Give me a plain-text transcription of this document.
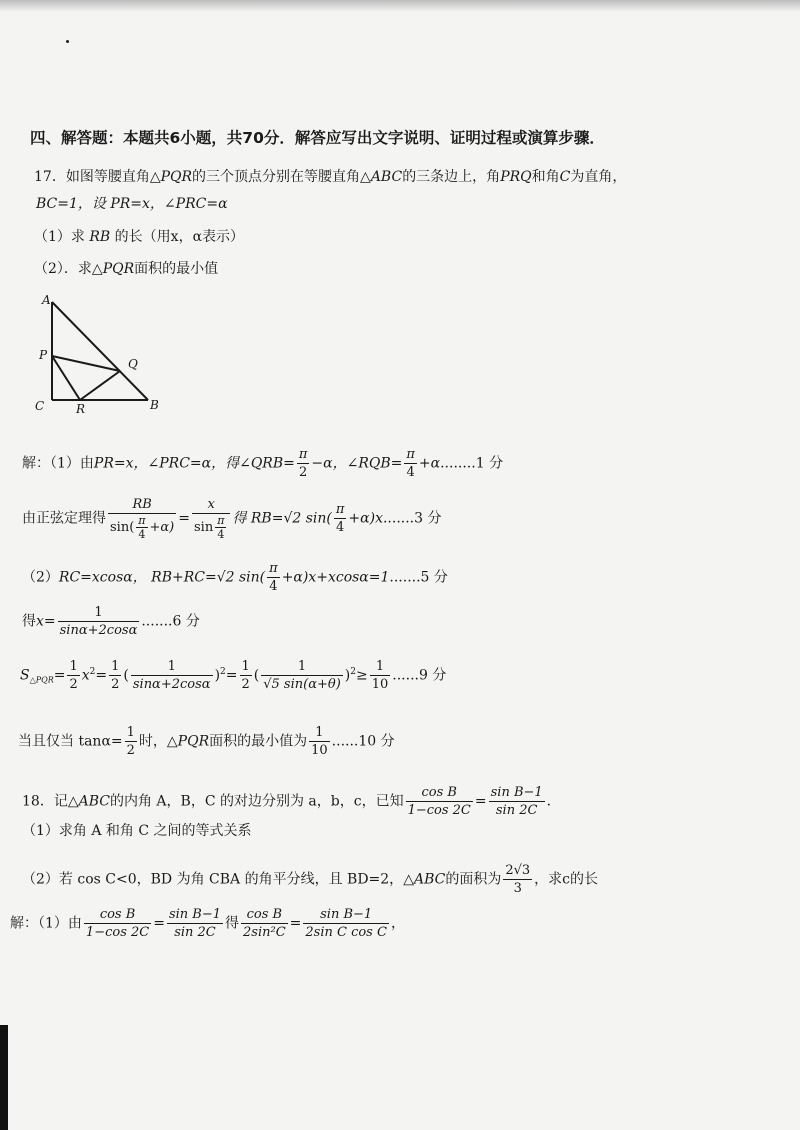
四、解答题：本题共6小题，共70分．解答应写出文字说明、证明过程或演算步骤．
17．如图等腰直角△PQR的三个顶点分别在等腰直角△ABC的三条边上，角PRQ和角C为直角，
BC=1，设 PR=x，∠PRC=α
（1）求 RB 的长（用x，α表示）
（2）．求△PQR面积的最小值
A
P
Q
C	R	B
解：（1）由PR=x，∠PRC=α，得∠QRB= $\frac{\pi}{2} -\alpha$，∠RQB= $\frac{\pi}{4} +\alpha........1$ 分
由正弦定理得 $\frac{RB}{\sin( \frac{\pi}{4} +\alpha)} = \frac{x}{\sin \frac{\pi}{4}}$ 得 RB=√2 $\sin( \frac{\pi}{4} +\alpha)x.......3$ 分
（2）RC=xcosα， RB+RC=√2 $\sin( \frac{\pi}{4} +\alpha)x+xcos\alpha=1.......5$ 分
得$x= \frac{1}{\sin\alpha+2\cos\alpha} .......6$ 分
$S_{\triangle PQR}= \frac{1}{2} x^2= \frac{1}{2}$ ( $\frac{1}{\sin\alpha+2\cos\alpha} )^2= \frac{1}{2}$ ( $\frac{1}{√5 \sin(\alpha+\theta)} )^2\ge \frac{1}{10} ......9$ 分
当且仅当 $\tan\alpha= \frac{1}{2}$ 时，△PQR面积的最小值为 $\frac{1}{10} ......10$ 分
18．记△ABC的内角 A，B，C 的对边分别为 a，b，c，已知 $\frac{\text{cos B}}{1-\cos 2C} = \frac{\text{sin B−1}}{\sin 2C}$ ．
（1）求角 A 和角 C 之间的等式关系
（2）若 cos C<0，BD 为角 CBA 的角平分线，且 BD=2，△ABC的面积为 $\frac{2√3}{3}$ ，求c的长
解：（1）由 $\frac{\text{cos B}}{1-\cos 2C} = \frac{\text{sin B−1}}{\sin 2C}$ 得 $\frac{\text{cos B}}{\text{2sin²C}} = \frac{\text{sin B−1}}{\text{2sin C cos C}}$ ，
